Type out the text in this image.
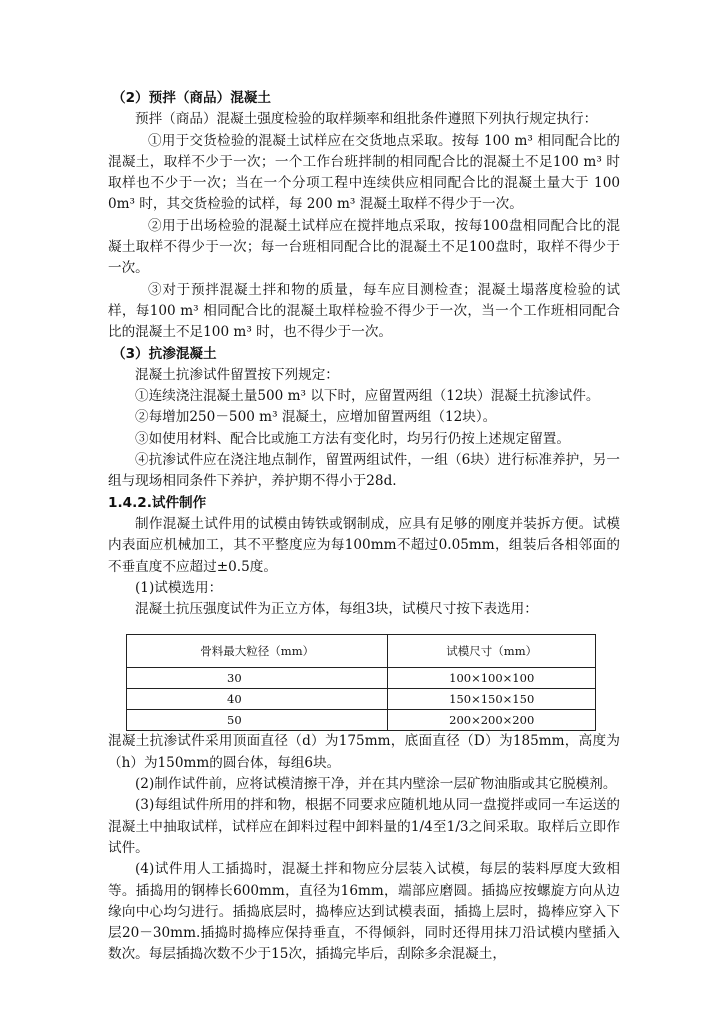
（2）预拌（商品）混凝土

预拌（商品）混凝土强度检验的取样频率和组批条件遵照下列执行规定执行：

①用于交货检验的混凝土试样应在交货地点采取。按每 100 m³ 相同配合比的混凝土，取样不少于一次；一个工作台班拌制的相同配合比的混凝土不足100 m³ 时取样也不少于一次；当在一个分项工程中连续供应相同配合比的混凝土量大于 100 0m³ 时，其交货检验的试样，每 200 m³ 混凝土取样不得少于一次。

②用于出场检验的混凝土试样应在搅拌地点采取，按每100盘相同配合比的混凝土取样不得少于一次；每一台班相同配合比的混凝土不足100盘时，取样不得少于一次。

③对于预拌混凝土拌和物的质量，每车应目测检查；混凝土塌落度检验的试样，每100 m³ 相同配合比的混凝土取样检验不得少于一次，当一个工作班相同配合比的混凝土不足100 m³ 时，也不得少于一次。

（3）抗渗混凝土

混凝土抗渗试件留置按下列规定：

①连续浇注混凝土量500 m³ 以下时，应留置两组（12块）混凝土抗渗试件。

②每增加250－500 m³ 混凝土，应增加留置两组（12块）。

③如使用材料、配合比或施工方法有变化时，均另行仍按上述规定留置。

④抗渗试件应在浇注地点制作，留置两组试件，一组（6块）进行标准养护，另一组与现场相同条件下养护，养护期不得小于28d.

1.4.2.试件制作

制作混凝土试件用的试模由铸铁或钢制成，应具有足够的刚度并装拆方便。试模内表面应机械加工，其不平整度应为每100mm不超过0.05mm，组装后各相邻面的不垂直度不应超过±0.5度。

(1)试模选用：

混凝土抗压强度试件为正立方体，每组3块，试模尺寸按下表选用：

骨料最大粒径（mm）	试模尺寸（mm）
30	100×100×100
40	150×150×150
50	200×200×200

混凝土抗渗试件采用顶面直径（d）为175mm，底面直径（D）为185mm，高度为（h）为150mm的圆台体，每组6块。

(2)制作试件前，应将试模清擦干净，并在其内壁涂一层矿物油脂或其它脱模剂。

(3)每组试件所用的拌和物，根据不同要求应随机地从同一盘搅拌或同一车运送的混凝土中抽取试样，试样应在卸料过程中卸料量的1/4至1/3之间采取。取样后立即作试件。

(4)试件用人工插捣时，混凝土拌和物应分层装入试模，每层的装料厚度大致相等。插捣用的钢棒长600mm，直径为16mm，端部应磨圆。插捣应按螺旋方向从边缘向中心均匀进行。插捣底层时，捣棒应达到试模表面，插捣上层时，捣棒应穿入下层20－30mm.插捣时捣棒应保持垂直，不得倾斜，同时还得用抹刀沿试模内壁插入数次。每层插捣次数不少于15次，插捣完毕后，刮除多余混凝土，
